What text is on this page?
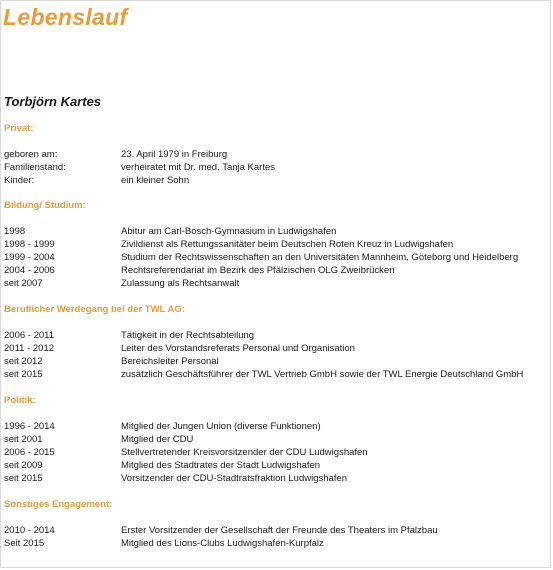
Lebenslauf
Torbjörn Kartes
Privat:
geboren am:	23. April 1979 in Freiburg
Familienstand:	verheiratet mit Dr. med. Tanja Kartes
Kinder:	ein kleiner Sohn
Bildung/ Studium:
1998	Abitur am Carl-Bosch-Gymnasium in Ludwigshafen
1998 - 1999	Zivildienst als Rettungssanitäter beim Deutschen Roten Kreuz in Ludwigshafen
1999 - 2004	Studium der Rechtswissenschaften an den Universitäten Mannheim, Göteborg und Heidelberg
2004 - 2006	Rechtsreferendariat im Bezirk des Pfälzischen OLG Zweibrücken
seit 2007	Zulassung als Rechtsanwalt
Beruflicher Werdegang bei der TWL AG:
2006 - 2011	Tätigkeit in der Rechtsabteilung
2011 - 2012	Leiter des Vorstandsreferats Personal und Organisation
seit 2012	Bereichsleiter Personal
seit 2015	zusätzlich Geschäftsführer der TWL Vertrieb GmbH sowie der TWL Energie Deutschland GmbH
Politik:
1996 - 2014	Mitglied der Jungen Union (diverse Funktionen)
seit 2001	Mitglied der CDU
2006 - 2015	Stellvertretender Kreisvorsitzender der CDU Ludwigshafen
seit 2009	Mitglied des Stadtrates der Stadt Ludwigshafen
seit 2015	Vorsitzender der CDU-Stadtratsfraktion Ludwigshafen
Sonstiges Engagement:
2010 - 2014	Erster Vorsitzender der Gesellschaft der Freunde des Theaters im Pfalzbau
Seit 2015	Mitglied des Lions-Clubs Ludwigshafen-Kurpfalz
